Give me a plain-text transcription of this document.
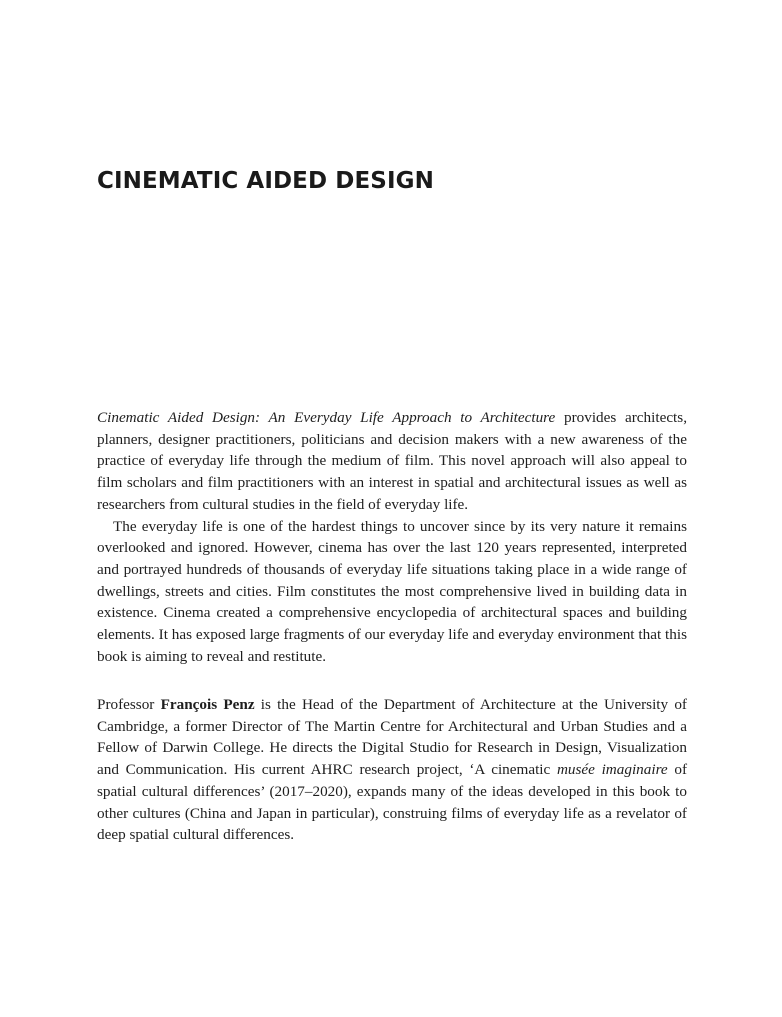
CINEMATIC AIDED DESIGN

Cinematic Aided Design: An Everyday Life Approach to Architecture provides architects, planners, designer practitioners, politicians and decision makers with a new awareness of the practice of everyday life through the medium of film. This novel approach will also appeal to film scholars and film practitioners with an interest in spatial and architectural issues as well as researchers from cultural studies in the field of everyday life.

The everyday life is one of the hardest things to uncover since by its very nature it remains overlooked and ignored. However, cinema has over the last 120 years represented, interpreted and portrayed hundreds of thousands of everyday life situations taking place in a wide range of dwellings, streets and cities. Film constitutes the most comprehensive lived in building data in existence. Cinema created a comprehensive encyclopedia of architectural spaces and building elements. It has exposed large fragments of our everyday life and everyday environment that this book is aiming to reveal and restitute.

Professor François Penz is the Head of the Department of Architecture at the University of Cambridge, a former Director of The Martin Centre for Architectural and Urban Studies and a Fellow of Darwin College. He directs the Digital Studio for Research in Design, Visualization and Communication. His current AHRC research project, ‘A cinematic musée imaginaire of spatial cultural differences’ (2017–2020), expands many of the ideas developed in this book to other cultures (China and Japan in particular), construing films of everyday life as a revelator of deep spatial cultural differences.
